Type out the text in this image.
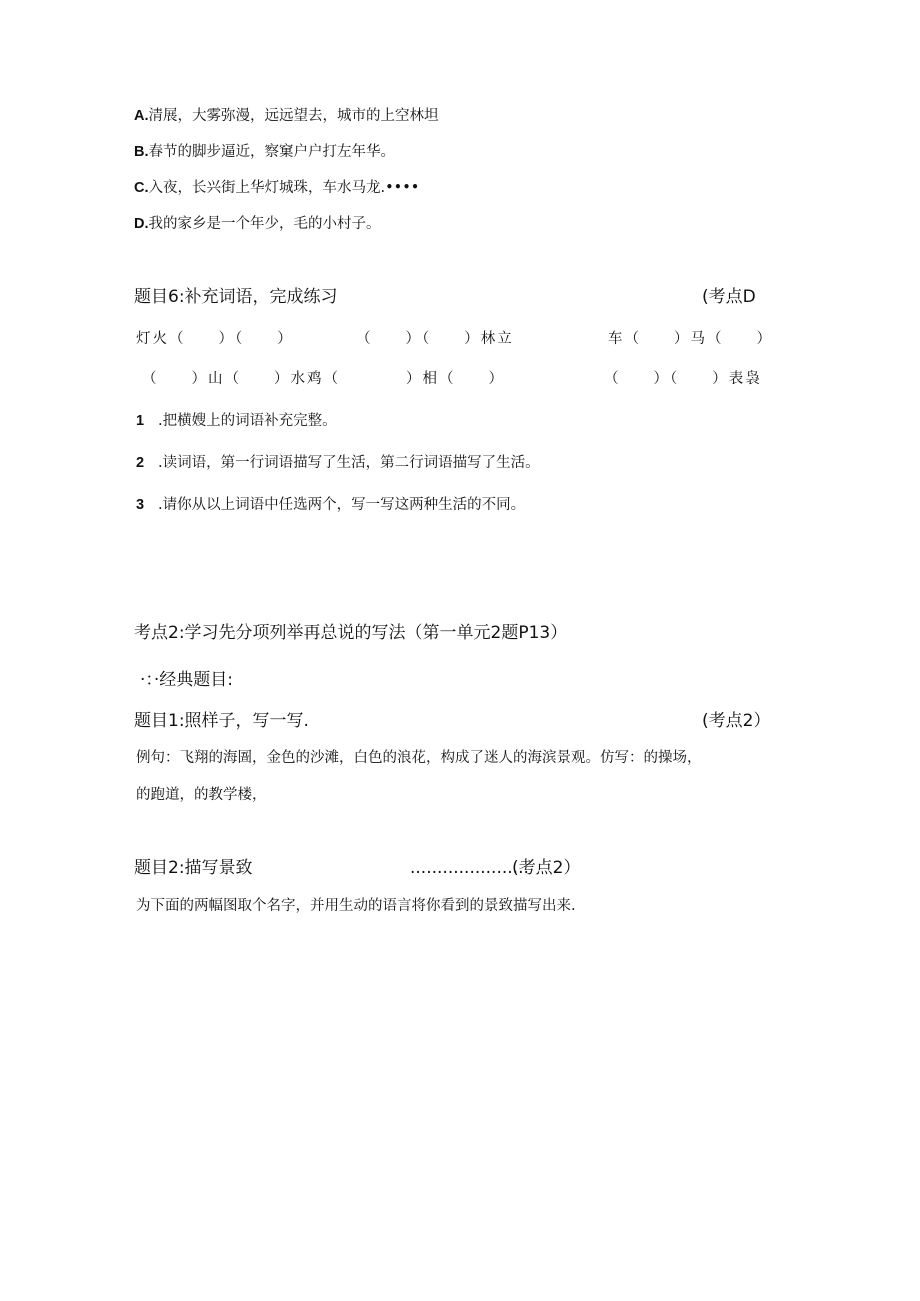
A.清展，大雾弥漫，远远望去，城市的上空林坦
B.春节的脚步逼近，察窠户户打左年华。
C.入夜，长兴街上华灯城珠，车水马龙.••••
D.我的家乡是一个年少，毛的小村子。
题目6:补充词语，完成练习	(考点D
灯火（　　）（　　）	（　　）（　　）林立	车（　　）马（　　）
（　　）山（　　）水鸡（　　　　）相（　　）	（　　）（　　）表袅
1 .把横嫂上的词语补充完整。
2 .读词语，第一行词语描写了生活，第二行词语描写了生活。
3 .请你从以上词语中任选两个，写一写这两种生活的不同。
考点2:学习先分项列举再总说的写法（第一单元2题P13）
·：·经典题目:
题目1:照样子，写一写.	(考点2）
例句：飞翔的海圄，金色的沙滩，白色的浪花，构成了迷人的海滨景观。仿写：的操场，
的跑道，的教学楼，
题目2:描写景致	......................
(考点2）
为下面的两幅图取个名字，并用生动的语言将你看到的景致描写出来.
